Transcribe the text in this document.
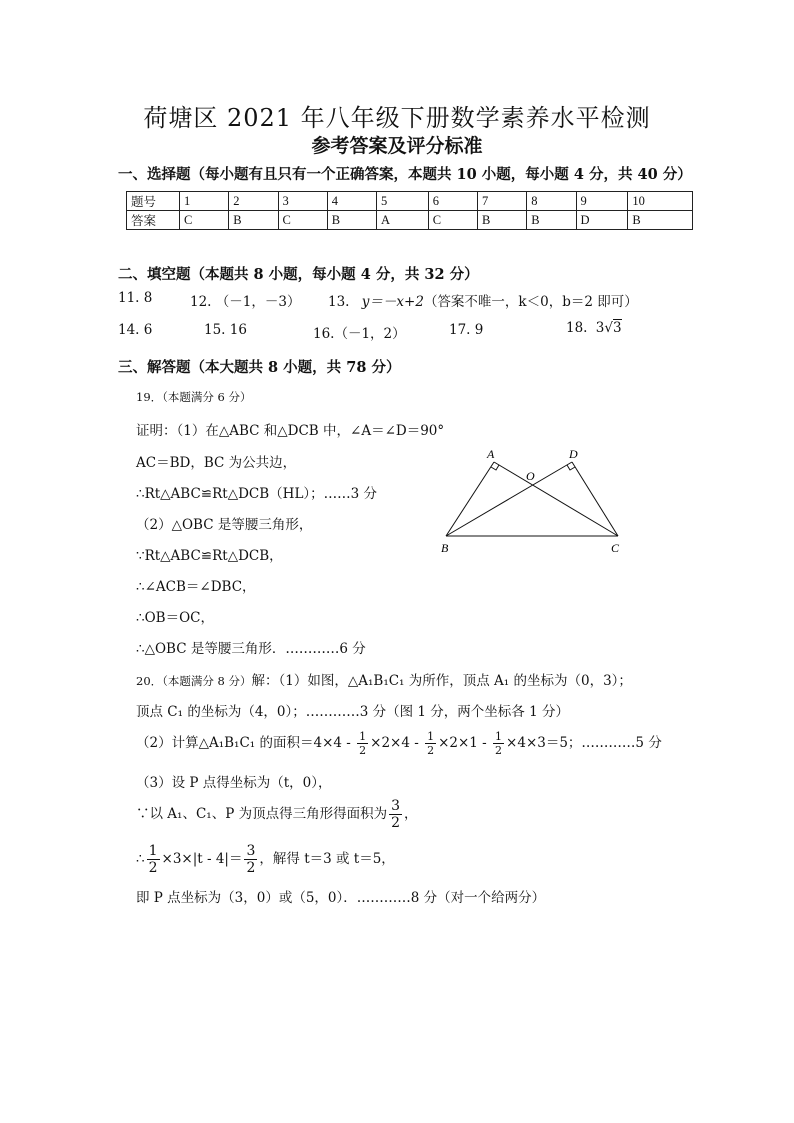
荷塘区 2021 年八年级下册数学素养水平检测
参考答案及评分标准
一、选择题（每小题有且只有一个正确答案，本题共 10 小题，每小题 4 分，共 40 分）
题号	1	2	3	4	5	6	7	8	9	10
答案	C	B	C	B	A	C	B	B	D	B
二、填空题（本题共 8 小题，每小题 4 分，共 32 分）
11. 8	12. （－1，－3） 13. y＝－x+2（答案不唯一，k＜0，b＝2 即可）
14. 6	15. 16	16.（－1，2）	17. 9	18. 3√3
三、解答题（本大题共 8 小题，共 78 分）
19．（本题满分 6 分）
证明：（1）在△ABC 和△DCB 中，∠A＝∠D＝90°
AC＝BD，BC 为公共边，
∴Rt△ABC≌Rt△DCB（HL）；……3 分
（2）△OBC 是等腰三角形，
∵Rt△ABC≌Rt△DCB，
∴∠ACB＝∠DBC，
∴OB＝OC，
∴△OBC 是等腰三角形．…………6 分
A	D
O
B	C
20．（本题满分 8 分）解：（1）如图，△A₁B₁C₁ 为所作，顶点 A₁ 的坐标为（0，3）；
顶点 C₁ 的坐标为（4，0）；…………3 分（图 1 分，两个坐标各 1 分）
（2）计算△A₁B₁C₁ 的面积$=4\times 4 - \frac{1}{2} \times 2\times 4 - \frac{1}{2} \times 2\times 1 - \frac{1}{2} \times 4\times 3=5$；…………5 分
（3）设 P 点得坐标为（t，0），
∵以 A₁、C₁、P 为顶点得三角形得面积为 $\frac{3}{2}$ ，
∴ $\frac{1}{2} \times 3\times|t - 4|= \frac{3}{2}$ ，解得 t＝3 或 t＝5，
即 P 点坐标为（3，0）或（5，0）．…………8 分（对一个给两分）
